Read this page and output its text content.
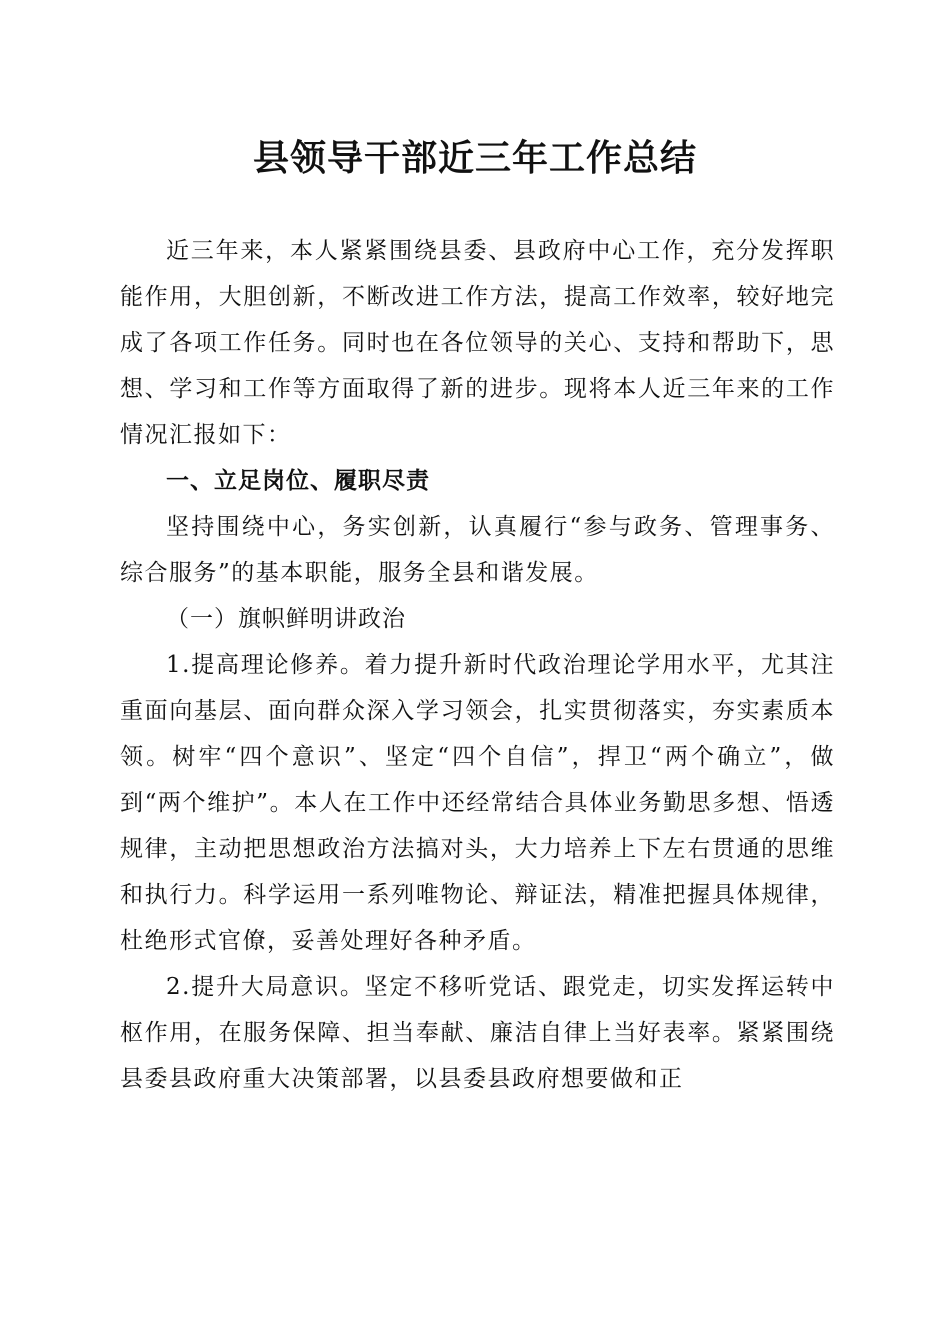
县领导干部近三年工作总结

近三年来，本人紧紧围绕县委、县政府中心工作，充分发挥职能作用，大胆创新，不断改进工作方法，提高工作效率，较好地完成了各项工作任务。同时也在各位领导的关心、支持和帮助下，思想、学习和工作等方面取得了新的进步。现将本人近三年来的工作情况汇报如下：

一、立足岗位、履职尽责

坚持围绕中心，务实创新，认真履行“参与政务、管理事务、综合服务”的基本职能，服务全县和谐发展。

（一）旗帜鲜明讲政治

1.提高理论修养。着力提升新时代政治理论学用水平，尤其注重面向基层、面向群众深入学习领会，扎实贯彻落实，夯实素质本领。树牢“四个意识”、坚定“四个自信”，捍卫“两个确立”，做到“两个维护”。本人在工作中还经常结合具体业务勤思多想、悟透规律，主动把思想政治方法搞对头，大力培养上下左右贯通的思维和执行力。科学运用一系列唯物论、辩证法，精准把握具体规律，杜绝形式官僚，妥善处理好各种矛盾。

2.提升大局意识。坚定不移听党话、跟党走，切实发挥运转中枢作用，在服务保障、担当奉献、廉洁自律上当好表率。紧紧围绕县委县政府重大决策部署，以县委县政府想要做和正
